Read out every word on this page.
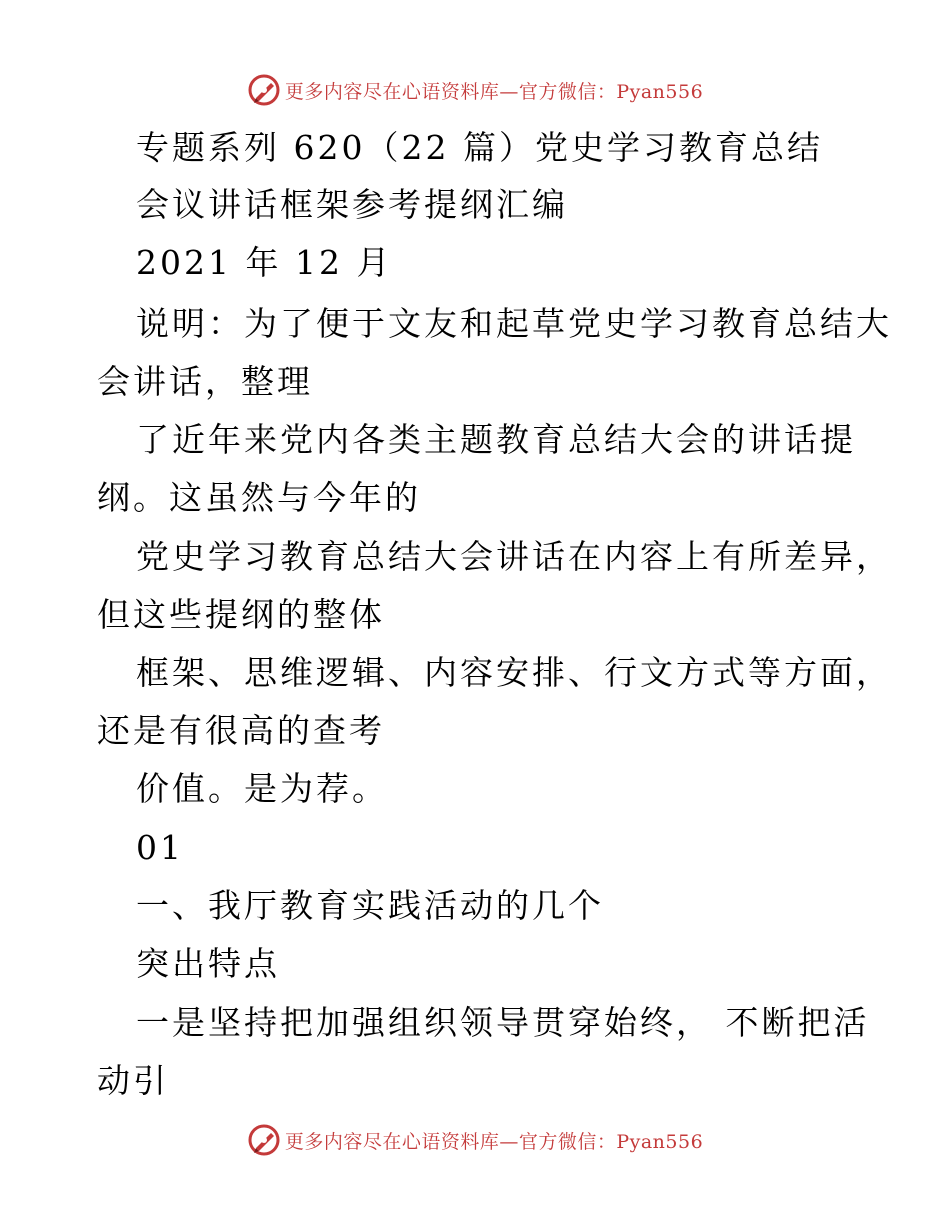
更多内容尽在心语资料库—官方微信：Pyan556
专题系列 620（22 篇）党史学习教育总结
会议讲话框架参考提纲汇编
2021 年 12 月
说明：为了便于文友和起草党史学习教育总结大
会讲话，整理
了近年来党内各类主题教育总结大会的讲话提
纲。这虽然与今年的
党史学习教育总结大会讲话在内容上有所差异，
但这些提纲的整体
框架、思维逻辑、内容安排、行文方式等方面，
还是有很高的查考
价值。是为荐。
01
一、我厅教育实践活动的几个
突出特点
一是坚持把加强组织领导贯穿始终， 不断把活
动引
更多内容尽在心语资料库—官方微信：Pyan556
